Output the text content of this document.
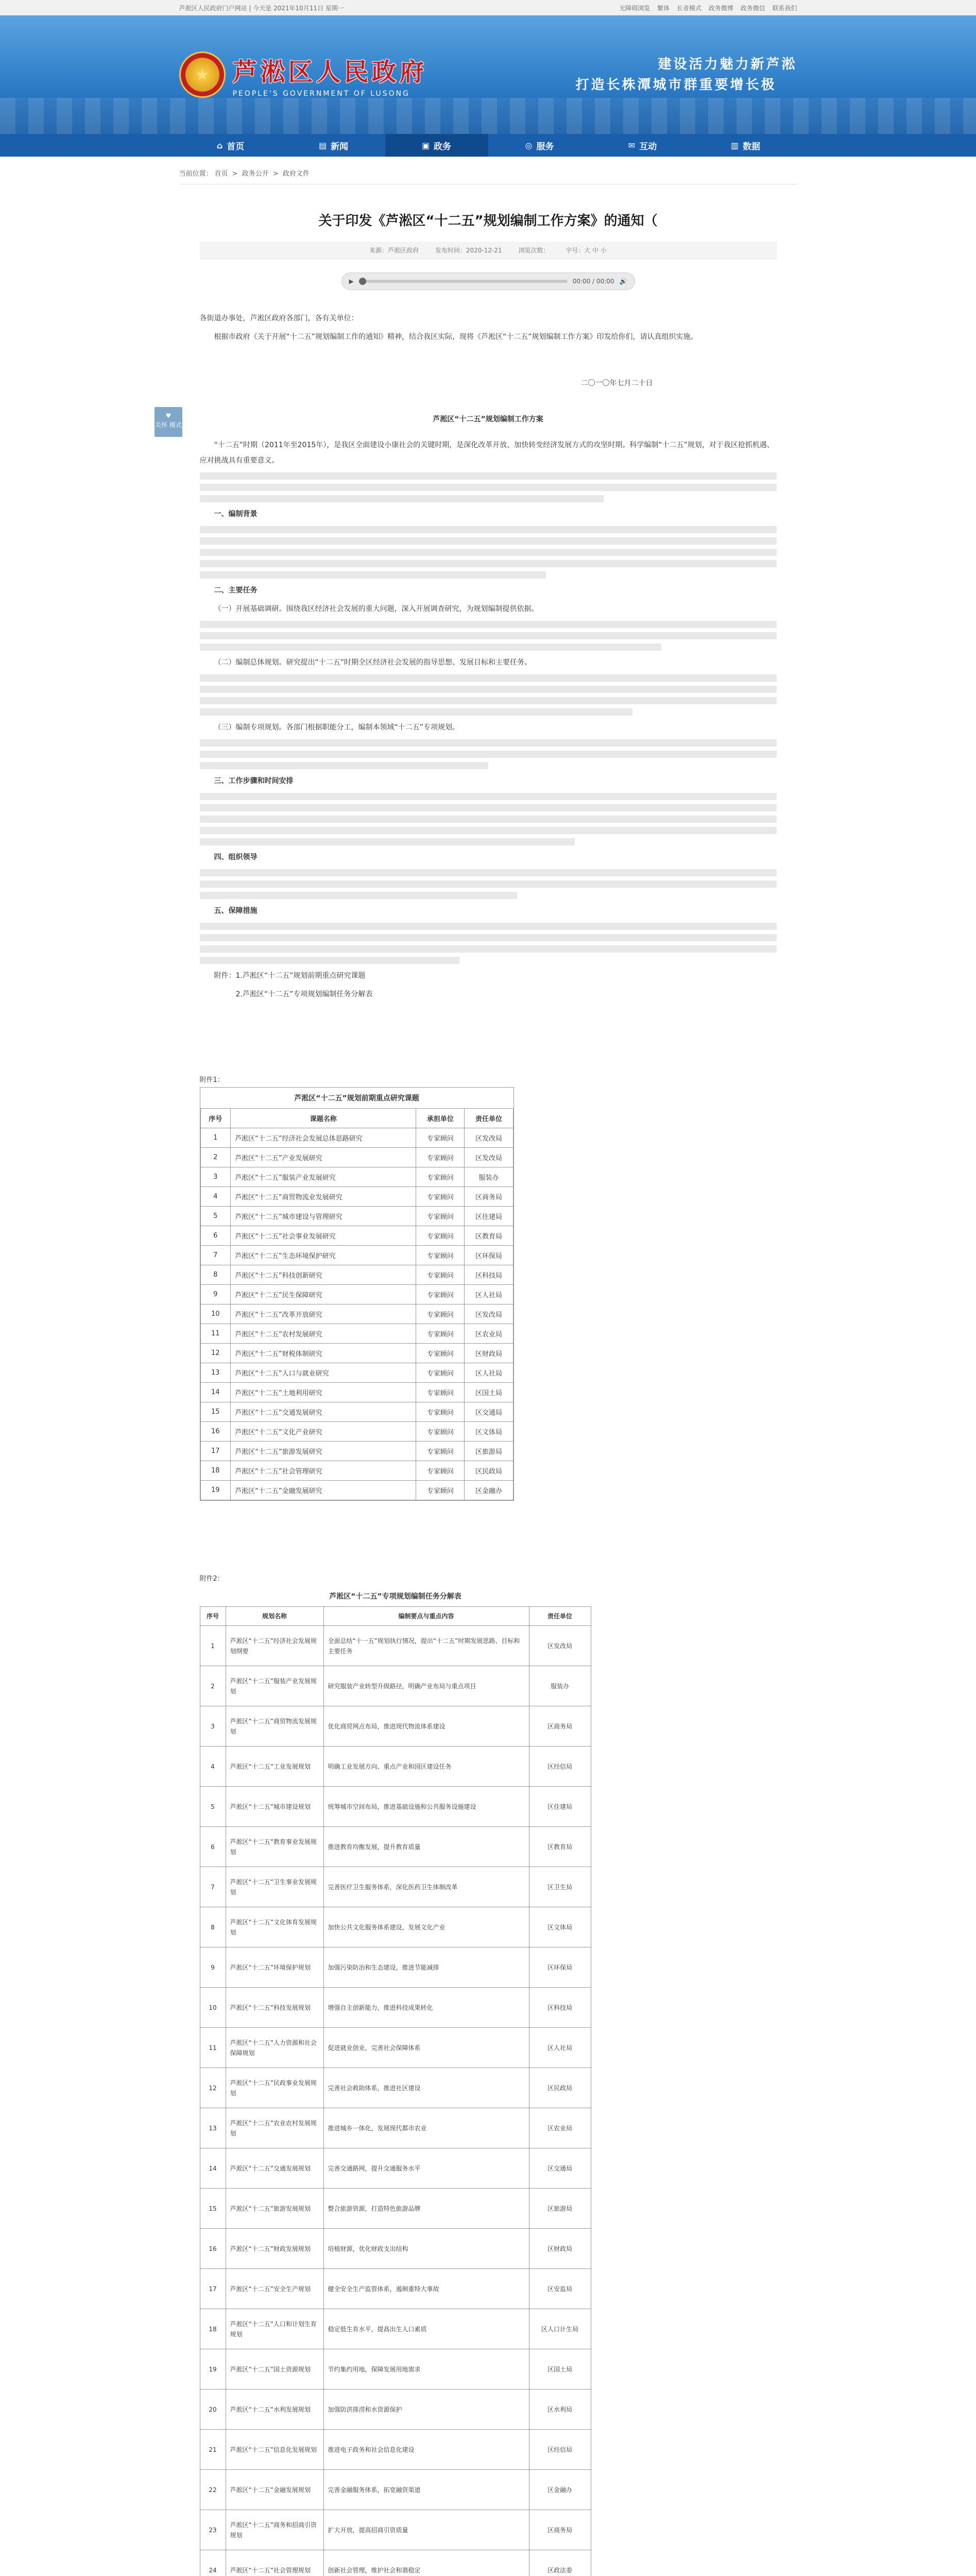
芦淞区人民政府门户网站 | 今天是 2021年10月11日 星期一	无障碍浏览 繁体 长者模式 政务微博 政务微信 联系我们
★ 芦淞区人民政府
PEOPLE'S GOVERNMENT OF LUSONG
建设活力魅力新芦淞
打造长株潭城市群重要增长极
⌂ 首页	▤ 新闻	▣ 政务	◎ 服务	✉ 互动	▥ 数据
♥
关怀 模式
当前位置： 首页 > 政务公开 > 政府文件
关于印发《芦淞区“十二五”规划编制工作方案》的通知（
来源：芦淞区政府	发布时间：2020-12-21	浏览次数：	字号：大 中 小
▶	00:00 / 00:00 🔊

各街道办事处，芦淞区政府各部门，各有关单位：

根据市政府《关于开展“十二五”规划编制工作的通知》精神，结合我区实际，现将《芦淞区“十二五”规划编制工作方案》印发给你们，请认真组织实施。

二〇一〇年七月二十日

芦淞区“十二五”规划编制工作方案

“十二五”时期（2011年至2015年），是我区全面建设小康社会的关键时期，是深化改革开放、加快转变经济发展方式的攻坚时期。科学编制“十二五”规划，对于我区抢抓机遇、应对挑战具有重要意义。

一、编制背景

二、主要任务

（一）开展基础调研。围绕我区经济社会发展的重大问题，深入开展调查研究，为规划编制提供依据。

（二）编制总体规划。研究提出“十二五”时期全区经济社会发展的指导思想、发展目标和主要任务。

（三）编制专项规划。各部门根据职能分工，编制本领域“十二五”专项规划。

三、工作步骤和时间安排

四、组织领导

五、保障措施

附件：1.芦淞区“十二五”规划前期重点研究课题

2.芦淞区“十二五”专项规划编制任务分解表

附件1：
芦淞区“十二五”规划前期重点研究课题
序号	课题名称	承担单位	责任单位
1	芦淞区“十二五”经济社会发展总体思路研究	专家顾问	区发改局
2	芦淞区“十二五”产业发展研究	专家顾问	区发改局
3	芦淞区“十二五”服装产业发展研究	专家顾问	服装办
4	芦淞区“十二五”商贸物流业发展研究	专家顾问	区商务局
5	芦淞区“十二五”城市建设与管理研究	专家顾问	区住建局
6	芦淞区“十二五”社会事业发展研究	专家顾问	区教育局
7	芦淞区“十二五”生态环境保护研究	专家顾问	区环保局
8	芦淞区“十二五”科技创新研究	专家顾问	区科技局
9	芦淞区“十二五”民生保障研究	专家顾问	区人社局
10	芦淞区“十二五”改革开放研究	专家顾问	区发改局
11	芦淞区“十二五”农村发展研究	专家顾问	区农业局
12	芦淞区“十二五”财税体制研究	专家顾问	区财政局
13	芦淞区“十二五”人口与就业研究	专家顾问	区人社局
14	芦淞区“十二五”土地利用研究	专家顾问	区国土局
15	芦淞区“十二五”交通发展研究	专家顾问	区交通局
16	芦淞区“十二五”文化产业研究	专家顾问	区文体局
17	芦淞区“十二五”旅游发展研究	专家顾问	区旅游局
18	芦淞区“十二五”社会管理研究	专家顾问	区民政局
19	芦淞区“十二五”金融发展研究	专家顾问	区金融办
附件2：
芦淞区“十二五”专项规划编制任务分解表
序号	规划名称	编制要点与重点内容	责任单位
1	芦淞区“十二五”经济社会发展规划纲要	全面总结“十一五”规划执行情况，提出“十二五”时期发展思路、目标和主要任务	区发改局
2	芦淞区“十二五”服装产业发展规划	研究服装产业转型升级路径，明确产业布局与重点项目	服装办
3	芦淞区“十二五”商贸物流发展规划	优化商贸网点布局，推进现代物流体系建设	区商务局
4	芦淞区“十二五”工业发展规划	明确工业发展方向、重点产业和园区建设任务	区经信局
5	芦淞区“十二五”城市建设规划	统筹城市空间布局，推进基础设施和公共服务设施建设	区住建局
6	芦淞区“十二五”教育事业发展规划	推进教育均衡发展，提升教育质量	区教育局
7	芦淞区“十二五”卫生事业发展规划	完善医疗卫生服务体系，深化医药卫生体制改革	区卫生局
8	芦淞区“十二五”文化体育发展规划	加快公共文化服务体系建设，发展文化产业	区文体局
9	芦淞区“十二五”环境保护规划	加强污染防治和生态建设，推进节能减排	区环保局
10	芦淞区“十二五”科技发展规划	增强自主创新能力，推进科技成果转化	区科技局
11	芦淞区“十二五”人力资源和社会保障规划	促进就业创业，完善社会保障体系	区人社局
12	芦淞区“十二五”民政事业发展规划	完善社会救助体系，推进社区建设	区民政局
13	芦淞区“十二五”农业农村发展规划	推进城乡一体化，发展现代都市农业	区农业局
14	芦淞区“十二五”交通发展规划	完善交通路网，提升交通服务水平	区交通局
15	芦淞区“十二五”旅游发展规划	整合旅游资源，打造特色旅游品牌	区旅游局
16	芦淞区“十二五”财政发展规划	培植财源，优化财政支出结构	区财政局
17	芦淞区“十二五”安全生产规划	健全安全生产监管体系，遏制重特大事故	区安监局
18	芦淞区“十二五”人口和计划生育规划	稳定低生育水平，提高出生人口素质	区人口计生局
19	芦淞区“十二五”国土资源规划	节约集约用地，保障发展用地需求	区国土局
20	芦淞区“十二五”水利发展规划	加强防洪排涝和水资源保护	区水利局
21	芦淞区“十二五”信息化发展规划	推进电子政务和社会信息化建设	区经信局
22	芦淞区“十二五”金融发展规划	完善金融服务体系，拓宽融资渠道	区金融办
23	芦淞区“十二五”商务和招商引资规划	扩大开放，提高招商引资质量	区商务局
24	芦淞区“十二五”社会管理规划	创新社会管理，维护社会和谐稳定	区政法委
